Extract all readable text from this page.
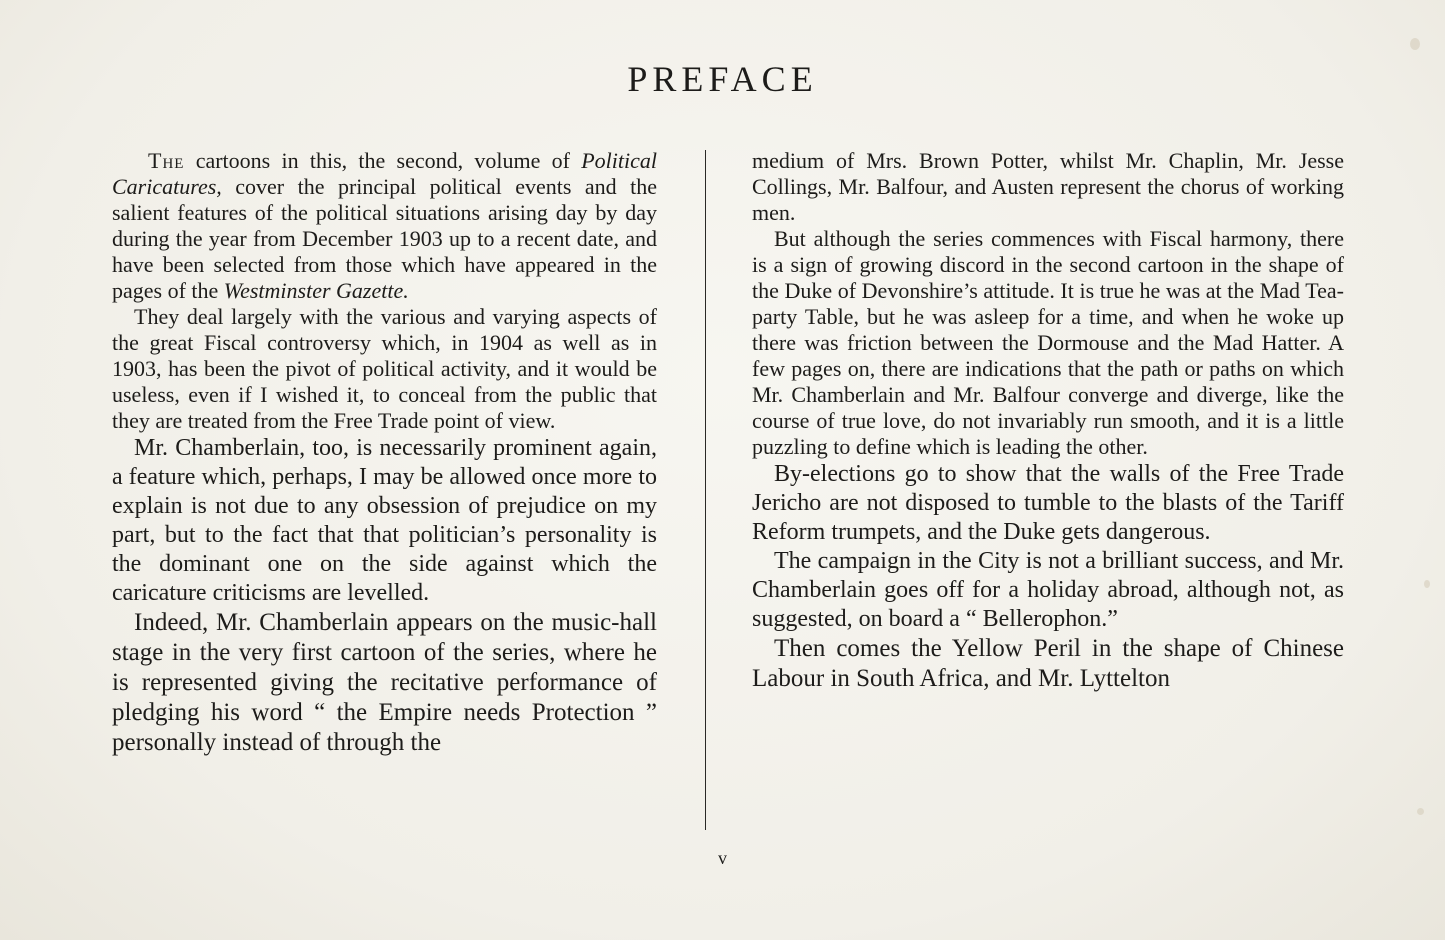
PREFACE

The cartoons in this, the second, volume of Political Caricatures, cover the principal political events and the salient features of the political situations arising day by day during the year from December 1903 up to a recent date, and have been selected from those which have appeared in the pages of the Westminster Gazette.

They deal largely with the various and varying aspects of the great Fiscal controversy which, in 1904 as well as in 1903, has been the pivot of political activity, and it would be useless, even if I wished it, to conceal from the public that they are treated from the Free Trade point of view.

Mr. Chamberlain, too, is necessarily prominent again, a feature which, perhaps, I may be allowed once more to explain is not due to any obsession of prejudice on my part, but to the fact that that politician’s personality is the dominant one on the side against which the caricature criticisms are levelled.

Indeed, Mr. Chamberlain appears on the music-hall stage in the very first cartoon of the series, where he is represented giving the recitative performance of pledging his word “ the Empire needs Protection ” personally instead of through the

medium of Mrs. Brown Potter, whilst Mr. Chaplin, Mr. Jesse Collings, Mr. Balfour, and Austen represent the chorus of working men.

But although the series commences with Fiscal harmony, there is a sign of growing discord in the second cartoon in the shape of the Duke of Devonshire’s attitude. It is true he was at the Mad Tea-party Table, but he was asleep for a time, and when he woke up there was friction between the Dormouse and the Mad Hatter. A few pages on, there are indications that the path or paths on which Mr. Chamberlain and Mr. Balfour converge and diverge, like the course of true love, do not invariably run smooth, and it is a little puzzling to define which is leading the other.

By-elections go to show that the walls of the Free Trade Jericho are not disposed to tumble to the blasts of the Tariff Reform trumpets, and the Duke gets dangerous.

The campaign in the City is not a brilliant success, and Mr. Chamberlain goes off for a holiday abroad, although not, as suggested, on board a “ Bellerophon.”

Then comes the Yellow Peril in the shape of Chinese Labour in South Africa, and Mr. Lyttelton

v
